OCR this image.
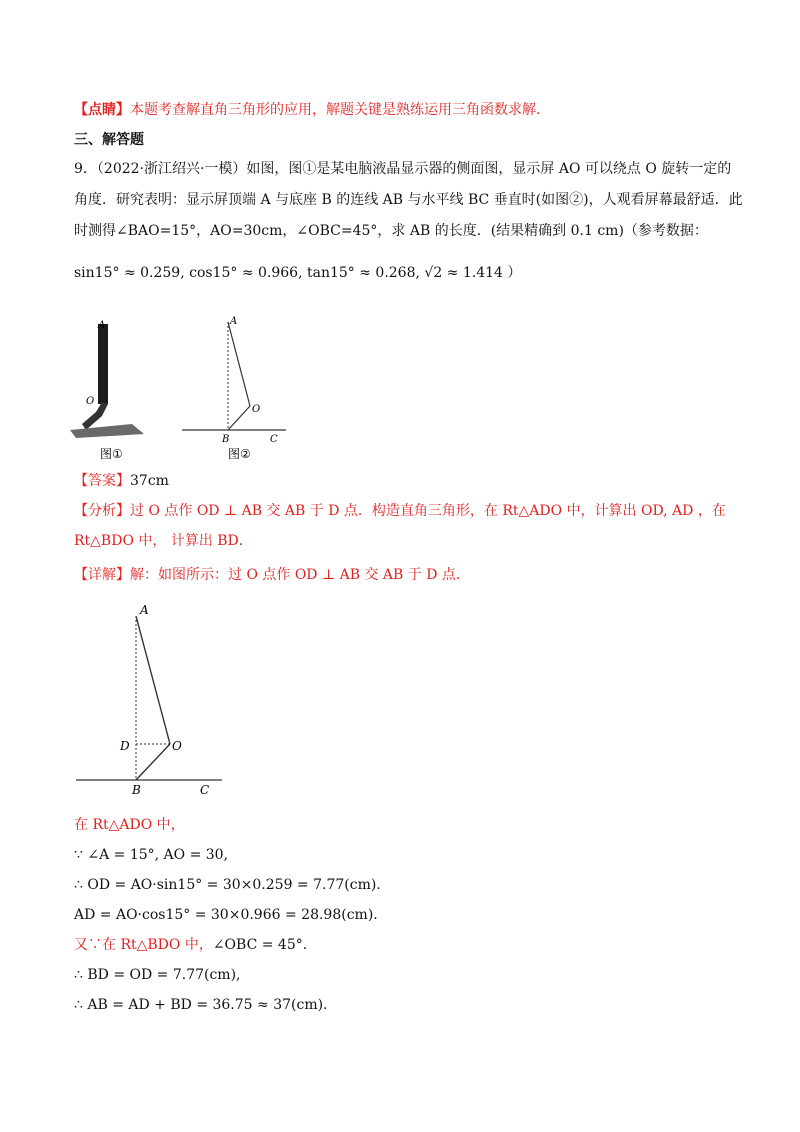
【点睛】本题考查解直角三角形的应用，解题关键是熟练运用三角函数求解.
三、解答题
9．（2022·浙江绍兴·一模）如图，图①是某电脑液晶显示器的侧面图，显示屏 AO 可以绕点 O 旋转一定的
角度．研究表明：显示屏顶端 A 与底座 B 的连线 AB 与水平线 BC 垂直时(如图②)，人观看屏幕最舒适．此
时测得∠BAO=15°，AO=30cm，∠OBC=45°，求 AB 的长度．(结果精确到 0.1 cm)（参考数据：
sin15° ≈ 0.259, cos15° ≈ 0.966, tan15° ≈ 0.268, √2 ≈ 1.414 ）
A
O
图①
A
O
B	C
图②
【答案】37cm
【分析】过 O 点作 OD ⊥ AB 交 AB 于 D 点．构造直角三角形，在 Rt△ADO 中，计算出 OD, AD ，在
Rt△BDO 中， 计算出 BD．
【详解】解：如图所示：过 O 点作 OD ⊥ AB 交 AB 于 D 点．
A
D	O
B	C
在 Rt△ADO 中，
∵ ∠A = 15°, AO = 30,
∴ OD = AO·sin15° = 30×0.259 = 7.77(cm).
AD = AO·cos15° = 30×0.966 = 28.98(cm).
又∵在 Rt△BDO 中，∠OBC = 45°.
∴ BD = OD = 7.77(cm),
∴ AB = AD + BD = 36.75 ≈ 37(cm).
